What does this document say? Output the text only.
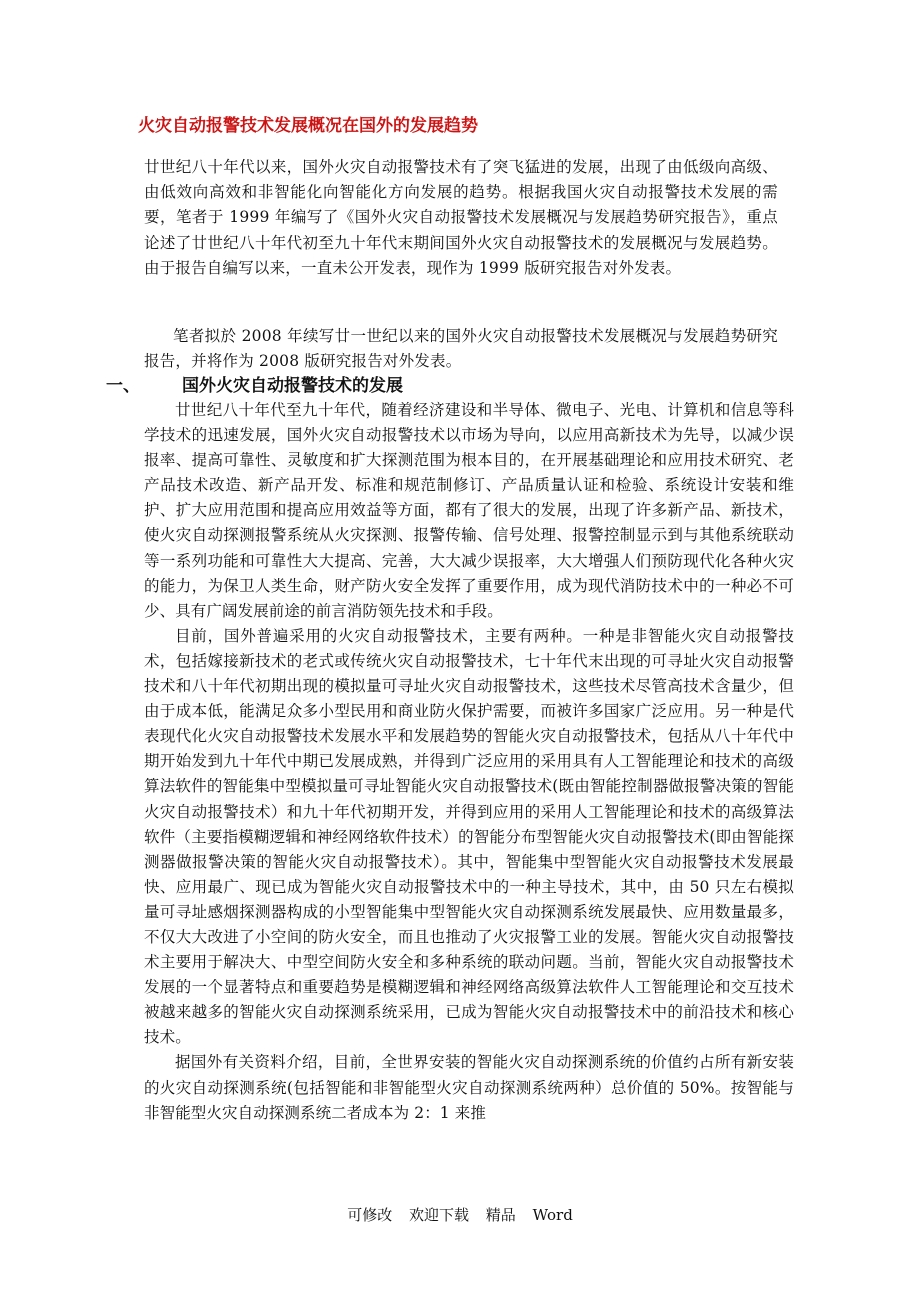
火灾自动报警技术发展概况在国外的发展趋势
廿世纪八十年代以来，国外火灾自动报警技术有了突飞猛进的发展，出现了由低级向高级、由低效向高效和非智能化向智能化方向发展的趋势。根据我国火灾自动报警技术发展的需要，笔者于 1999 年编写了《国外火灾自动报警技术发展概况与发展趋势研究报告》，重点论述了廿世纪八十年代初至九十年代末期间国外火灾自动报警技术的发展概况与发展趋势。由于报告自编写以来，一直未公开发表，现作为 1999 版研究报告对外发表。
笔者拟於 2008 年续写廿一世纪以来的国外火灾自动报警技术发展概况与发展趋势研究报告，并将作为 2008 版研究报告对外发表。
一、 国外火灾自动报警技术的发展

廿世纪八十年代至九十年代，随着经济建设和半导体、微电子、光电、计算机和信息等科学技术的迅速发展，国外火灾自动报警技术以市场为导向，以应用高新技术为先导，以减少误报率、提高可靠性、灵敏度和扩大探测范围为根本目的，在开展基础理论和应用技术研究、老产品技术改造、新产品开发、标准和规范制修订、产品质量认证和检验、系统设计安装和维护、扩大应用范围和提高应用效益等方面，都有了很大的发展，出现了许多新产品、新技术，使火灾自动探测报警系统从火灾探测、报警传输、信号处理、报警控制显示到与其他系统联动等一系列功能和可靠性大大提高、完善，大大减少误报率，大大增强人们预防现代化各种火灾的能力，为保卫人类生命，财产防火安全发挥了重要作用，成为现代消防技术中的一种必不可少、具有广阔发展前途的前言消防领先技术和手段。

目前，国外普遍采用的火灾自动报警技术，主要有两种。一种是非智能火灾自动报警技术，包括嫁接新技术的老式或传统火灾自动报警技术，七十年代末出现的可寻址火灾自动报警技术和八十年代初期出现的模拟量可寻址火灾自动报警技术，这些技术尽管高技术含量少，但由于成本低，能满足众多小型民用和商业防火保护需要，而被许多国家广泛应用。另一种是代表现代化火灾自动报警技术发展水平和发展趋势的智能火灾自动报警技术，包括从八十年代中期开始发到九十年代中期已发展成熟，并得到广泛应用的采用具有人工智能理论和技术的高级算法软件的智能集中型模拟量可寻址智能火灾自动报警技术(既由智能控制器做报警决策的智能火灾自动报警技术）和九十年代初期开发，并得到应用的采用人工智能理论和技术的高级算法软件（主要指模糊逻辑和神经网络软件技术）的智能分布型智能火灾自动报警技术(即由智能探测器做报警决策的智能火灾自动报警技术）。其中，智能集中型智能火灾自动报警技术发展最快、应用最广、现已成为智能火灾自动报警技术中的一种主导技术，其中，由 50 只左右模拟量可寻址感烟探测器构成的小型智能集中型智能火灾自动探测系统发展最快、应用数量最多，不仅大大改进了小空间的防火安全，而且也推动了火灾报警工业的发展。智能火灾自动报警技术主要用于解决大、中型空间防火安全和多种系统的联动问题。当前，智能火灾自动报警技术发展的一个显著特点和重要趋势是模糊逻辑和神经网络高级算法软件人工智能理论和交互技术被越来越多的智能火灾自动探测系统采用，已成为智能火灾自动报警技术中的前沿技术和核心技术。

据国外有关资料介绍，目前，全世界安装的智能火灾自动探测系统的价值约占所有新安装的火灾自动探测系统(包括智能和非智能型火灾自动探测系统两种）总价值的 50%。按智能与非智能型火灾自动探测系统二者成本为 2：1 来推

可修改 欢迎下载 精品 Word
